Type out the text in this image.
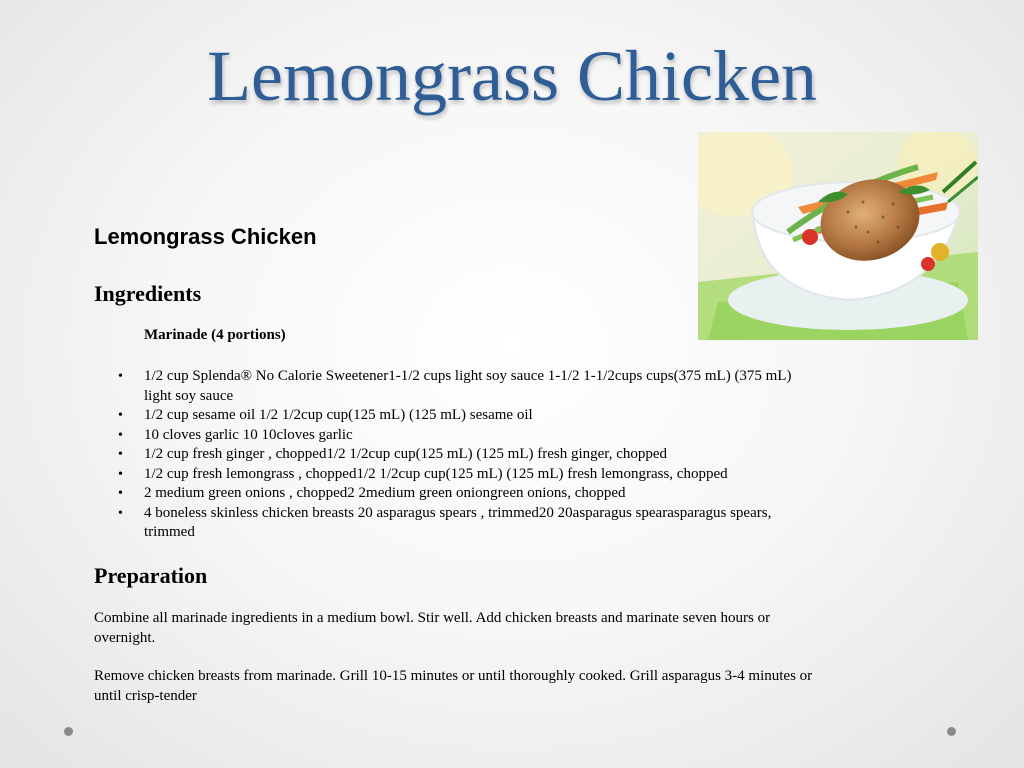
Lemongrass Chicken
Lemongrass Chicken
Ingredients
Marinade (4 portions)
• 1/2 cup Splenda® No Calorie Sweetener1-1/2 cups light soy sauce 1-1/2 1-1/2cups cups(375 mL) (375 mL) light soy sauce
• 1/2 cup sesame oil 1/2 1/2cup cup(125 mL) (125 mL) sesame oil
• 10 cloves garlic 10 10cloves garlic
• 1/2 cup fresh ginger , chopped1/2 1/2cup cup(125 mL) (125 mL) fresh ginger, chopped
• 1/2 cup fresh lemongrass , chopped1/2 1/2cup cup(125 mL) (125 mL) fresh lemongrass, chopped
• 2 medium green onions , chopped2 2medium green oniongreen onions, chopped
• 4 boneless skinless chicken breasts 20 asparagus spears , trimmed20 20asparagus spearasparagus spears, trimmed
Preparation

Combine all marinade ingredients in a medium bowl. Stir well. Add chicken breasts and marinate seven hours or overnight.

Remove chicken breasts from marinade. Grill 10-15 minutes or until thoroughly cooked. Grill asparagus 3-4 minutes or until crisp-tender
